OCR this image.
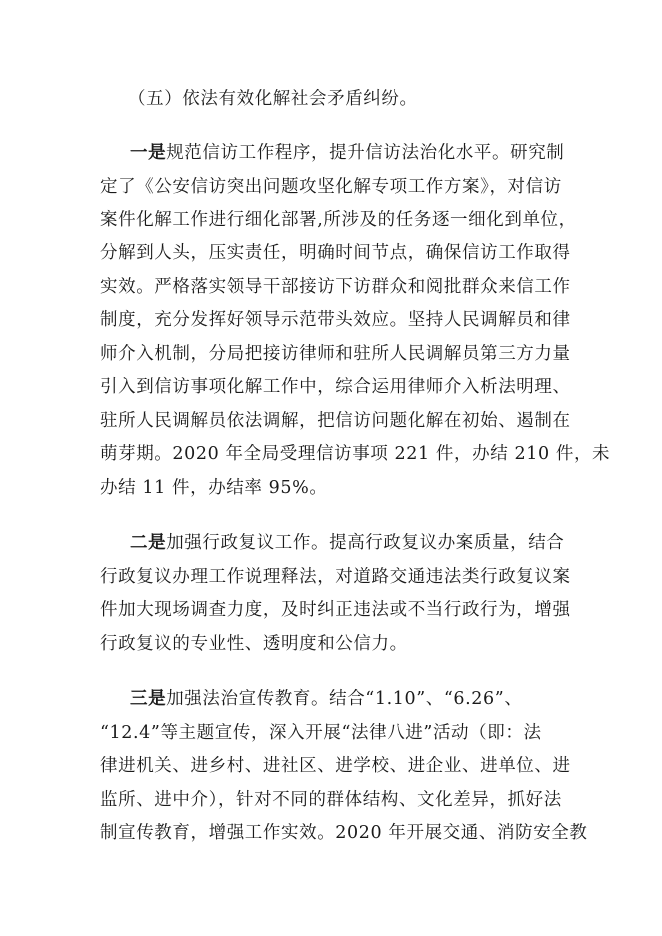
（五）依法有效化解社会矛盾纠纷。
一是规范信访工作程序，提升信访法治化水平。研究制
定了《公安信访突出问题攻坚化解专项工作方案》，对信访
案件化解工作进行细化部署,所涉及的任务逐一细化到单位，
分解到人头，压实责任，明确时间节点，确保信访工作取得
实效。严格落实领导干部接访下访群众和阅批群众来信工作
制度，充分发挥好领导示范带头效应。坚持人民调解员和律
师介入机制，分局把接访律师和驻所人民调解员第三方力量
引入到信访事项化解工作中，综合运用律师介入析法明理、
驻所人民调解员依法调解，把信访问题化解在初始、遏制在
萌芽期。2020 年全局受理信访事项 221 件，办结 210 件，未
办结 11 件，办结率 95%。
二是加强行政复议工作。提高行政复议办案质量，结合
行政复议办理工作说理释法，对道路交通违法类行政复议案
件加大现场调查力度，及时纠正违法或不当行政行为，增强
行政复议的专业性、透明度和公信力。
三是加强法治宣传教育。结合“1.10”、“6.26”、
“12.4”等主题宣传，深入开展“法律八进”活动（即：法
律进机关、进乡村、进社区、进学校、进企业、进单位、进
监所、进中介），针对不同的群体结构、文化差异，抓好法
制宣传教育，增强工作实效。2020 年开展交通、消防安全教
